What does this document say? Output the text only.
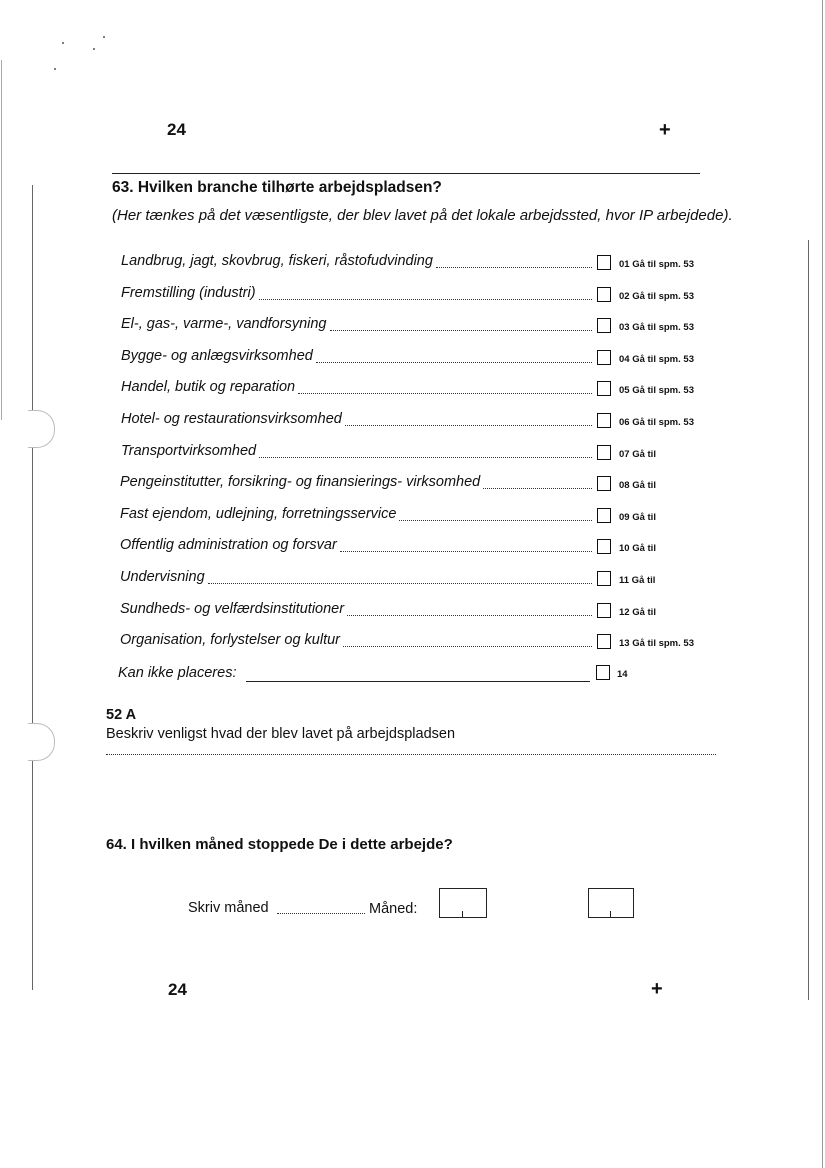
24	+
63. Hvilken branche tilhørte arbejdspladsen?
(Her tænkes på det væsentligste, der blev lavet på det lokale arbejdssted, hvor IP arbejdede).
Landbrug, jagt, skovbrug, fiskeri, råstofudvinding	01 Gå til spm. 53
Fremstilling (industri)	02 Gå til spm. 53
El-, gas-, varme-, vandforsyning	03 Gå til spm. 53
Bygge- og anlægsvirksomhed	04 Gå til spm. 53
Handel, butik og reparation	05 Gå til spm. 53
Hotel- og restaurationsvirksomhed	06 Gå til spm. 53
Transportvirksomhed	07 Gå til
Pengeinstitutter, forsikring- og finansierings- virksomhed	08 Gå til
Fast ejendom, udlejning, forretningsservice	09 Gå til
Offentlig administration og forsvar	10 Gå til
Undervisning	11 Gå til
Sundheds- og velfærdsinstitutioner	12 Gå til
Organisation, forlystelser og kultur	13 Gå til spm. 53
Kan ikke placeres:	14
52 A
Beskriv venligst hvad der blev lavet på arbejdspladsen
64. I hvilken måned stoppede De i dette arbejde?
Skriv måned	Måned:
24	+
